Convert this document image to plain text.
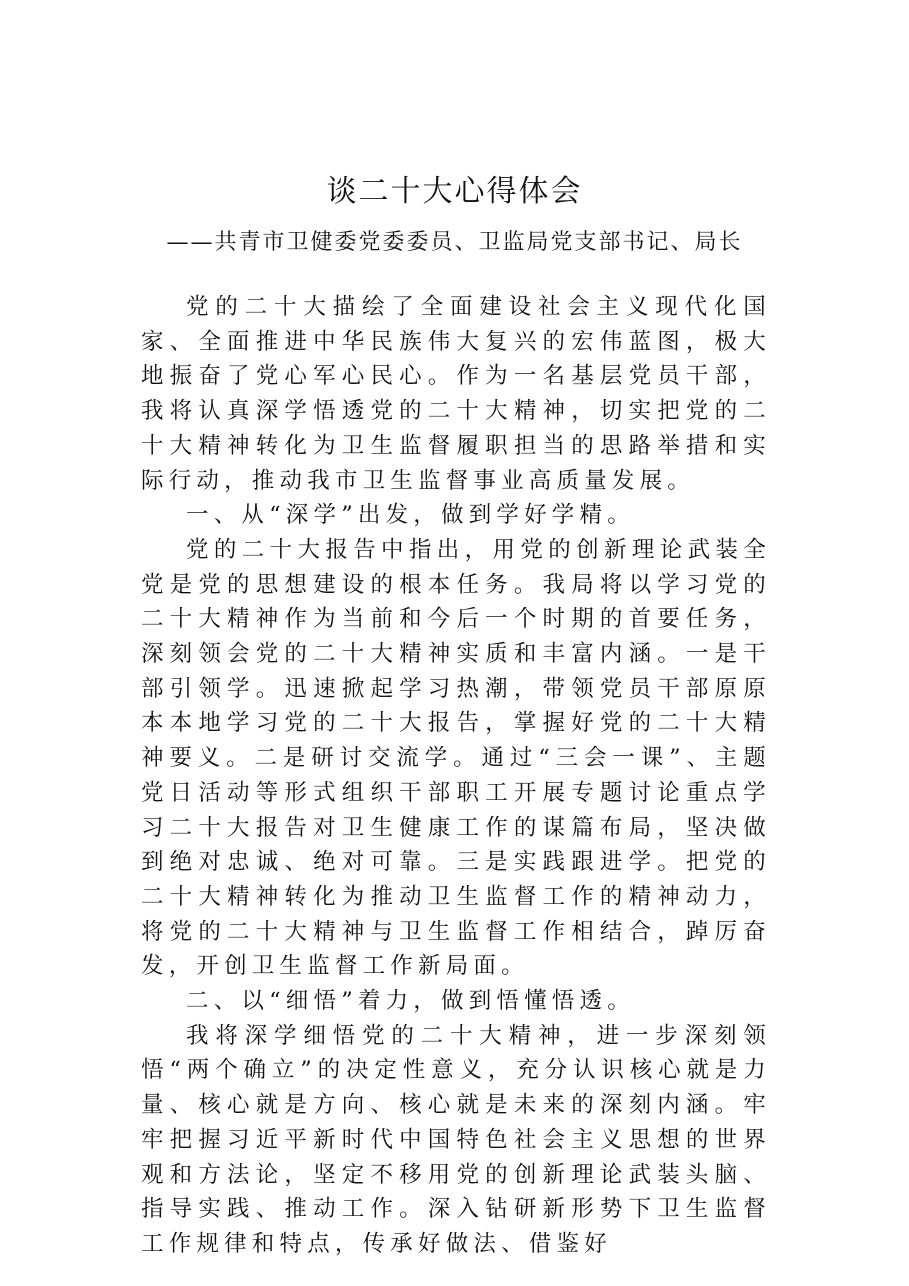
谈二十大心得体会
——共青市卫健委党委委员、卫监局党支部书记、局长

党的二十大描绘了全面建设社会主义现代化国家、全面推进中华民族伟大复兴的宏伟蓝图，极大地振奋了党心军心民心。作为一名基层党员干部，我将认真深学悟透党的二十大精神，切实把党的二十大精神转化为卫生监督履职担当的思路举措和实际行动，推动我市卫生监督事业高质量发展。

一、从“深学”出发，做到学好学精。

党的二十大报告中指出，用党的创新理论武装全党是党的思想建设的根本任务。我局将以学习党的二十大精神作为当前和今后一个时期的首要任务，深刻领会党的二十大精神实质和丰富内涵。一是干部引领学。迅速掀起学习热潮，带领党员干部原原本本地学习党的二十大报告，掌握好党的二十大精神要义。二是研讨交流学。通过“三会一课”、主题党日活动等形式组织干部职工开展专题讨论重点学习二十大报告对卫生健康工作的谋篇布局，坚决做到绝对忠诚、绝对可靠。三是实践跟进学。把党的二十大精神转化为推动卫生监督工作的精神动力，将党的二十大精神与卫生监督工作相结合，踔厉奋发，开创卫生监督工作新局面。

二、以“细悟”着力，做到悟懂悟透。

我将深学细悟党的二十大精神，进一步深刻领悟“两个确立”的决定性意义，充分认识核心就是力量、核心就是方向、核心就是未来的深刻内涵。牢牢把握习近平新时代中国特色社会主义思想的世界观和方法论，坚定不移用党的创新理论武装头脑、指导实践、推动工作。深入钻研新形势下卫生监督工作规律和特点，传承好做法、借鉴好
